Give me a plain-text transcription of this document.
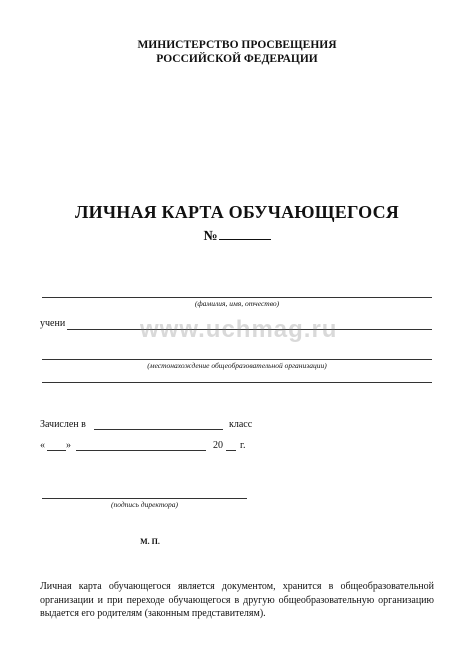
МИНИСТЕРСТВО ПРОСВЕЩЕНИЯ
РОССИЙСКОЙ ФЕДЕРАЦИИ
ЛИЧНАЯ КАРТА ОБУЧАЮЩЕГОСЯ
№
(фамилия, имя, отчество)
учени	www.uchmag.ru
(местонахождение общеобразовательной организации)
Зачислен в	класс
« »	20 г.
(подпись директора)
М. П.
Личная карта обучающегося является документом, хранится в общеобразовательной организации и при переходе обучающегося в другую общеобразовательную организацию выдается его родителям (законным представителям).
